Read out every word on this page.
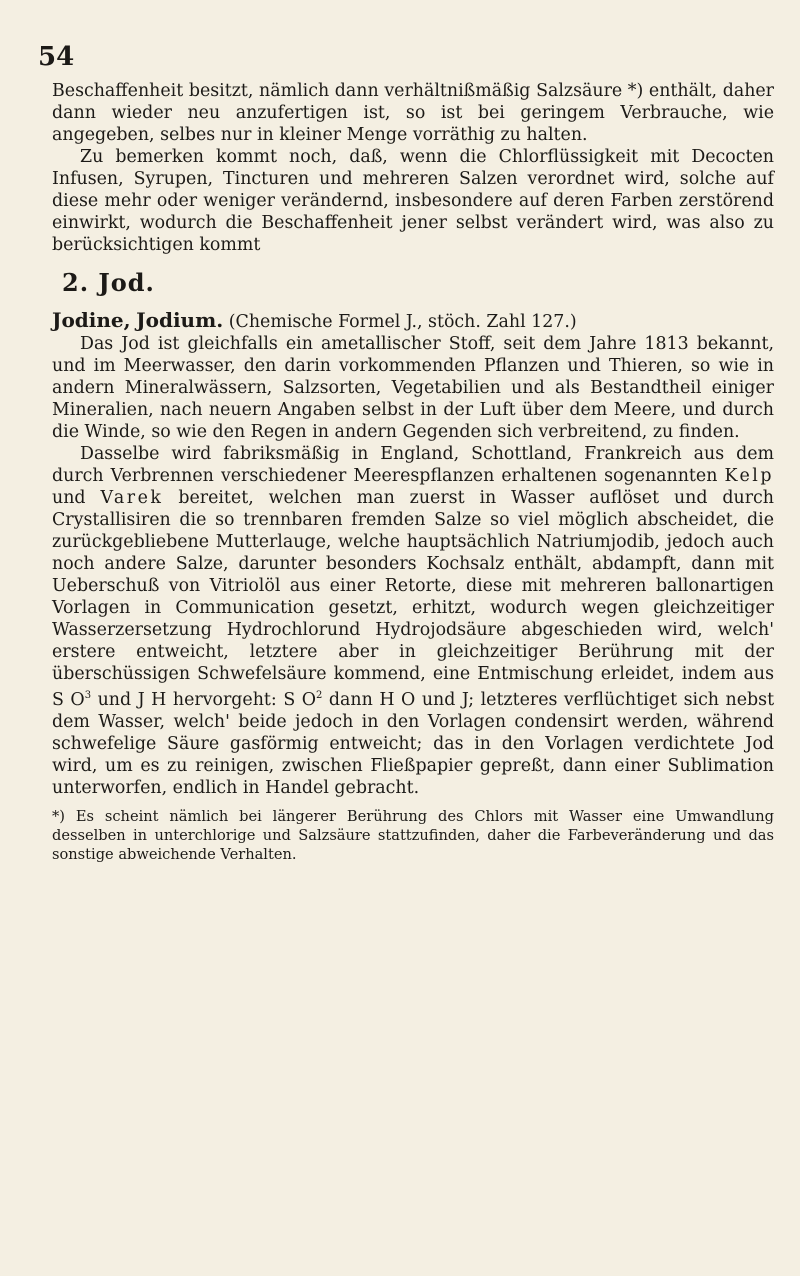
54

Beschaffenheit besitzt, nämlich dann verhältnißmäßig Salzsäure *) enthält, daher dann wieder neu anzufertigen ist, so ist bei geringem Verbrauche, wie angegeben, selbes nur in kleiner Menge vorräthig zu halten.

Zu bemerken kommt noch, daß, wenn die Chlorflüssigkeit mit Decocten Infusen, Syrupen, Tincturen und mehreren Salzen verordnet wird, solche auf diese mehr oder weniger verändernd, insbesondere auf deren Farben zerstörend einwirkt, wodurch die Beschaffenheit jener selbst verändert wird, was also zu berücksichtigen kommt

2. Jod.

Jodine, Jodium. (Chemische Formel J., stöch. Zahl 127.)

Das Jod ist gleichfalls ein ametallischer Stoff, seit dem Jahre 1813 bekannt, und im Meerwasser, den darin vorkommenden Pflanzen und Thieren, so wie in andern Mineralwässern, Salzsorten, Vegetabilien und als Bestandtheil einiger Mineralien, nach neuern Angaben selbst in der Luft über dem Meere, und durch die Winde, so wie den Regen in andern Gegenden sich verbreitend, zu finden.

Dasselbe wird fabriksmäßig in England, Schottland, Frankreich aus dem durch Verbrennen verschiedener Meerespflanzen erhaltenen sogenannten Kelp und Varek bereitet, welchen man zuerst in Wasser auflöset und durch Crystallisiren die so trennbaren fremden Salze so viel möglich abscheidet, die zurückgebliebene Mutterlauge, welche hauptsächlich Natriumjodib, jedoch auch noch andere Salze, darunter besonders Kochsalz enthält, abdampft, dann mit Ueberschuß von Vitriolöl aus einer Retorte, diese mit mehreren ballonartigen Vorlagen in Communication gesetzt, erhitzt, wodurch wegen gleichzeitiger Wasserzersetzung Hydrochlorund Hydrojodsäure abgeschieden wird, welch' erstere entweicht, letztere aber in gleichzeitiger Berührung mit der überschüssigen Schwefelsäure kommend, eine Entmischung erleidet, indem aus S $O^3$ und J H hervorgeht: S $O^2$ dann H O und J; letzteres verflüchtiget sich nebst dem Wasser, welch' beide jedoch in den Vorlagen condensirt werden, während schwefelige Säure gasförmig entweicht; das in den Vorlagen verdichtete Jod wird, um es zu reinigen, zwischen Fließpapier gepreßt, dann einer Sublimation unterworfen, endlich in Handel gebracht.

*) Es scheint nämlich bei längerer Berührung des Chlors mit Wasser eine Umwandlung desselben in unterchlorige und Salzsäure stattzufinden, daher die Farbeveränderung und das sonstige abweichende Verhalten.
